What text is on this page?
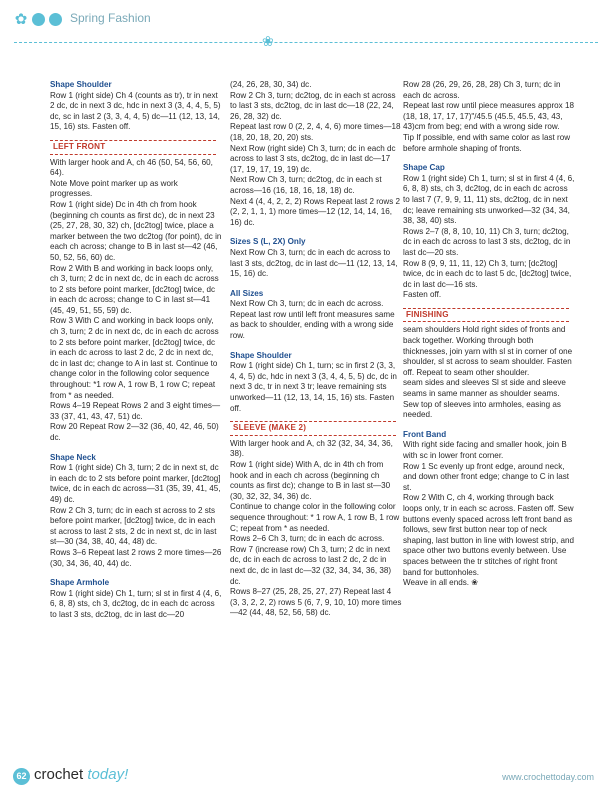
✿	Spring Fashion
❀

Shape Shoulder

Row 1 (right side) Ch 4 (counts as tr), tr in next 2 dc, dc in next 3 dc, hdc in next 3 (3, 4, 4, 5, 5) dc, sc in last 2 (3, 3, 4, 4, 5) dc—11 (12, 13, 14, 15, 16) sts. Fasten off.

LEFT FRONT

With larger hook and A, ch 46 (50, 54, 56, 60, 64).

Note Move point marker up as work progresses.

Row 1 (right side) Dc in 4th ch from hook (beginning ch counts as first dc), dc in next 23 (25, 27, 28, 30, 32) ch, [dc2tog] twice, place a marker between the two dc2tog (for point), dc in each ch across; change to B in last st—42 (46, 50, 52, 56, 60) dc.

Row 2 With B and working in back loops only, ch 3, turn; 2 dc in next dc, dc in each dc across to 2 sts before point marker, [dc2tog] twice, dc in each dc across; change to C in last st—41 (45, 49, 51, 55, 59) dc.

Row 3 With C and working in back loops only, ch 3, turn; 2 dc in next dc, dc in each dc across to 2 sts before point marker, [dc2tog] twice, dc in each dc across to last 2 dc, 2 dc in next dc, dc in last dc; change to A in last st. Continue to change color in the following color sequence throughout: *1 row A, 1 row B, 1 row C; repeat from * as needed.

Rows 4–19 Repeat Rows 2 and 3 eight times—33 (37, 41, 43, 47, 51) dc.

Row 20 Repeat Row 2—32 (36, 40, 42, 46, 50) dc.

Shape Neck

Row 1 (right side) Ch 3, turn; 2 dc in next st, dc in each dc to 2 sts before point marker, [dc2tog] twice, dc in each dc across—31 (35, 39, 41, 45, 49) dc.

Row 2 Ch 3, turn; dc in each st across to 2 sts before point marker, [dc2tog] twice, dc in each st across to last 2 sts, 2 dc in next st, dc in last st—30 (34, 38, 40, 44, 48) dc.

Rows 3–6 Repeat last 2 rows 2 more times—26 (30, 34, 36, 40, 44) dc.

Shape Armhole

Row 1 (right side) Ch 1, turn; sl st in first 4 (4, 6, 6, 8, 8) sts, ch 3, dc2tog, dc in each dc across to last 3 sts, dc2tog, dc in last dc—20

(24, 26, 28, 30, 34) dc.

Row 2 Ch 3, turn; dc2tog, dc in each st across to last 3 sts, dc2tog, dc in last dc—18 (22, 24, 26, 28, 32) dc.

Repeat last row 0 (2, 2, 4, 4, 6) more times—18 (18, 20, 18, 20, 20) sts.

Next Row (right side) Ch 3, turn; dc in each dc across to last 3 sts, dc2tog, dc in last dc—17 (17, 19, 17, 19, 19) dc.

Next Row Ch 3, turn; dc2tog, dc in each st across—16 (16, 18, 16, 18, 18) dc.

Next 4 (4, 4, 2, 2, 2) Rows Repeat last 2 rows 2 (2, 2, 1, 1, 1) more times—12 (12, 14, 14, 16, 16) dc.

Sizes S (L, 2X) Only

Next Row Ch 3, turn; dc in each dc across to last 3 sts, dc2tog, dc in last dc—11 (12, 13, 14, 15, 16) dc.

All Sizes

Next Row Ch 3, turn; dc in each dc across. Repeat last row until left front measures same as back to shoulder, ending with a wrong side row.

Shape Shoulder

Row 1 (right side) Ch 1, turn; sc in first 2 (3, 3, 4, 4, 5) dc, hdc in next 3 (3, 4, 4, 5, 5) dc, dc in next 3 dc, tr in next 3 tr; leave remaining sts unworked—11 (12, 13, 14, 15, 16) sts. Fasten off.

SLEEVE (MAKE 2)

With larger hook and A, ch 32 (32, 34, 34, 36, 38).

Row 1 (right side) With A, dc in 4th ch from hook and in each ch across (beginning ch counts as first dc); change to B in last st—30 (30, 32, 32, 34, 36) dc.

Continue to change color in the following color sequence throughout: * 1 row A, 1 row B, 1 row C; repeat from * as needed.

Rows 2–6 Ch 3, turn; dc in each dc across.

Row 7 (increase row) Ch 3, turn; 2 dc in next dc, dc in each dc across to last 2 dc, 2 dc in next dc, dc in last dc—32 (32, 34, 34, 36, 38) dc.

Rows 8–27 (25, 28, 25, 27, 27) Repeat last 4 (3, 3, 2, 2, 2) rows 5 (6, 7, 9, 10, 10) more times—42 (44, 48, 52, 56, 58) dc.

Row 28 (26, 29, 26, 28, 28) Ch 3, turn; dc in each dc across.

Repeat last row until piece measures approx 18 (18, 18, 17, 17, 17)"/45.5 (45.5, 45.5, 43, 43, 43)cm from beg; end with a wrong side row.

Tip If possible, end with same color as last row before armhole shaping of fronts.

Shape Cap

Row 1 (right side) Ch 1, turn; sl st in first 4 (4, 6, 6, 8, 8) sts, ch 3, dc2tog, dc in each dc across to last 7 (7, 9, 9, 11, 11) sts, dc2tog, dc in next dc; leave remaining sts unworked—32 (34, 34, 38, 38, 40) sts.

Rows 2–7 (8, 8, 10, 10, 11) Ch 3, turn; dc2tog, dc in each dc across to last 3 sts, dc2tog, dc in last dc—20 sts.

Row 8 (9, 9, 11, 11, 12) Ch 3, turn; [dc2tog] twice, dc in each dc to last 5 dc, [dc2tog] twice, dc in last dc—16 sts.

Fasten off.

FINISHING

seam shoulders Hold right sides of fronts and back together. Working through both thicknesses, join yarn with sl st in corner of one shoulder, sl st across to seam shoulder. Fasten off. Repeat to seam other shoulder.

seam sides and sleeves Sl st side and sleeve seams in same manner as shoulder seams.

Sew top of sleeves into armholes, easing as needed.

Front Band

With right side facing and smaller hook, join B with sc in lower front corner.

Row 1 Sc evenly up front edge, around neck, and down other front edge; change to C in last st.

Row 2 With C, ch 4, working through back loops only, tr in each sc across. Fasten off. Sew buttons evenly spaced across left front band as follows, sew first button near top of neck shaping, last button in line with lowest strip, and space other two buttons evenly between. Use spaces between the tr stitches of right front band for buttonholes.

Weave in all ends. ❀

62 crochet today!	www.crochettoday.com
